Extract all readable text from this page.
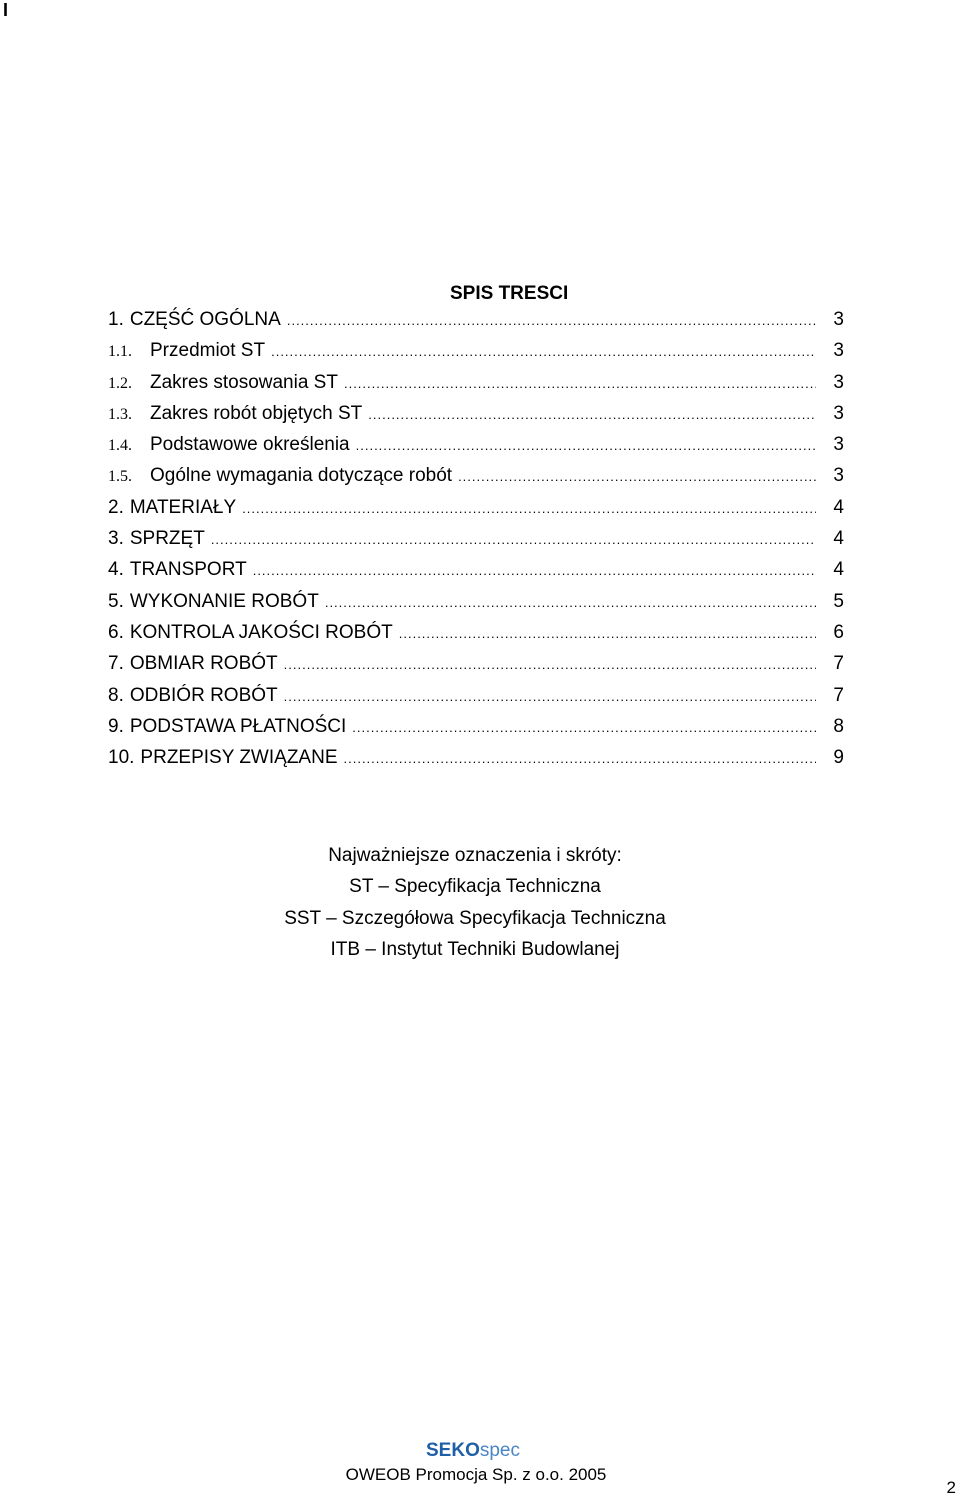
I
SPIS TRESCI
1. CZĘŚĆ OGÓLNA .....	3
1.1. Przedmiot ST .....	3
1.2. Zakres stosowania ST .....	3
1.3. Zakres robót objętych ST .....	3
1.4. Podstawowe określenia .....	3
1.5. Ogólne wymagania dotyczące robót .....	3
2. MATERIAŁY .....	4
3. SPRZĘT .....	4
4. TRANSPORT .....	4
5. WYKONANIE ROBÓT .....	5
6. KONTROLA JAKOŚCI ROBÓT .....	6
7. OBMIAR ROBÓT .....	7
8. ODBIÓR ROBÓT .....	7
9. PODSTAWA PŁATNOŚCI .....	8
10. PRZEPISY ZWIĄZANE .....	9
Najważniejsze oznaczenia i skróty:
ST – Specyfikacja Techniczna
SST – Szczegółowa Specyfikacja Techniczna
ITB – Instytut Techniki Budowlanej
SEKOspec
OWEOB Promocja Sp. z o.o. 2005
2
